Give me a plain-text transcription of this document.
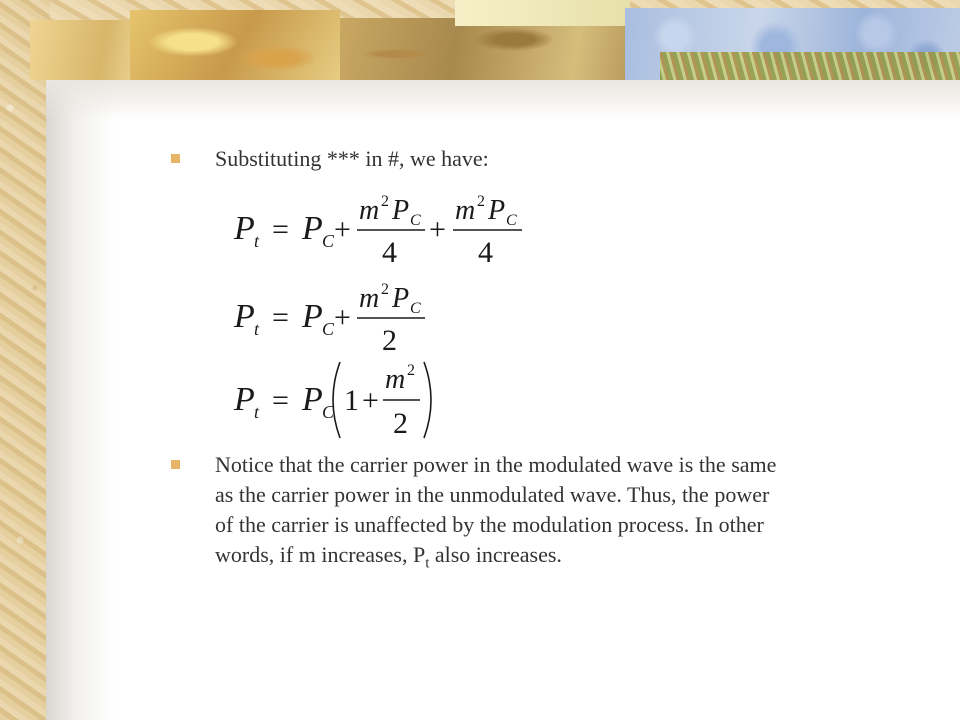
Substituting *** in #, we have:
P t = P C +
m 2 P C
4
+
m 2 P C
4
P t = P C +
m 2 P C
2
P t = P C 1 +
m 2
2
Notice that the carrier power in the modulated wave is the same
as the carrier power in the unmodulated wave. Thus, the power
of the carrier is unaffected by the modulation process. In other
words, if m increases, $P_t$ also increases.
